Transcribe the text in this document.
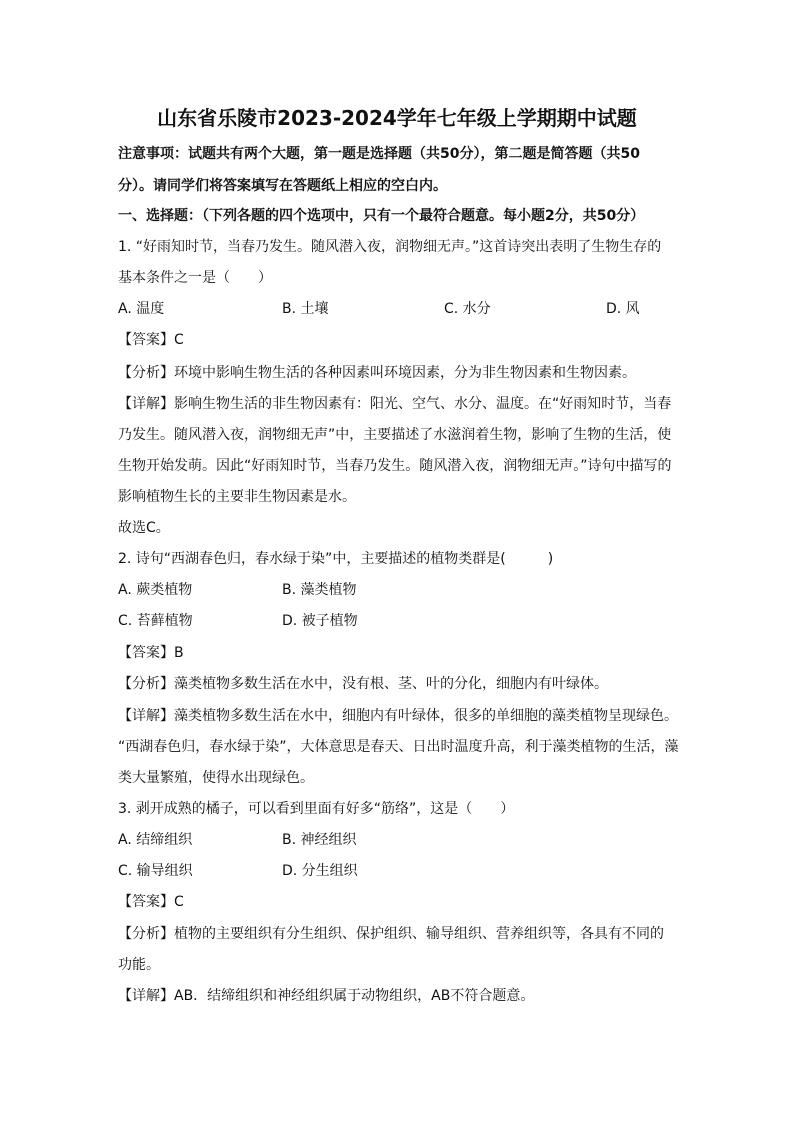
山东省乐陵市2023-2024学年七年级上学期期中试题
注意事项：试题共有两个大题，第一题是选择题（共50分），第二题是简答题（共50
分）。请同学们将答案填写在答题纸上相应的空白内。
一、选择题：（下列各题的四个选项中，只有一个最符合题意。每小题2分，共50分）
1. “好雨知时节，当春乃发生。随风潜入夜，润物细无声。”这首诗突出表明了生物生存的
基本条件之一是（　　）
A. 温度	B. 土壤	C. 水分	D. 风
【答案】C
【分析】环境中影响生物生活的各种因素叫环境因素，分为非生物因素和生物因素。
【详解】影响生物生活的非生物因素有：阳光、空气、水分、温度。在“好雨知时节，当春
乃发生。随风潜入夜，润物细无声”中，主要描述了水滋润着生物，影响了生物的生活，使
生物开始发萌。因此“好雨知时节，当春乃发生。随风潜入夜，润物细无声。”诗句中描写的
影响植物生长的主要非生物因素是水。
故选C。
2. 诗句“西湖春色归，春水绿于染”中，主要描述的植物类群是(　　　)
A. 蕨类植物	B. 藻类植物
C. 苔藓植物	D. 被子植物
【答案】B
【分析】藻类植物多数生活在水中，没有根、茎、叶的分化，细胞内有叶绿体。
【详解】藻类植物多数生活在水中，细胞内有叶绿体，很多的单细胞的藻类植物呈现绿色。
“西湖春色归，春水绿于染”，大体意思是春天、日出时温度升高，利于藻类植物的生活，藻
类大量繁殖，使得水出现绿色。
3. 剥开成熟的橘子，可以看到里面有好多“筋络”，这是（　　）
A. 结缔组织	B. 神经组织
C. 输导组织	D. 分生组织
【答案】C
【分析】植物的主要组织有分生组织、保护组织、输导组织、营养组织等，各具有不同的
功能。
【详解】AB．结缔组织和神经组织属于动物组织，AB不符合题意。
